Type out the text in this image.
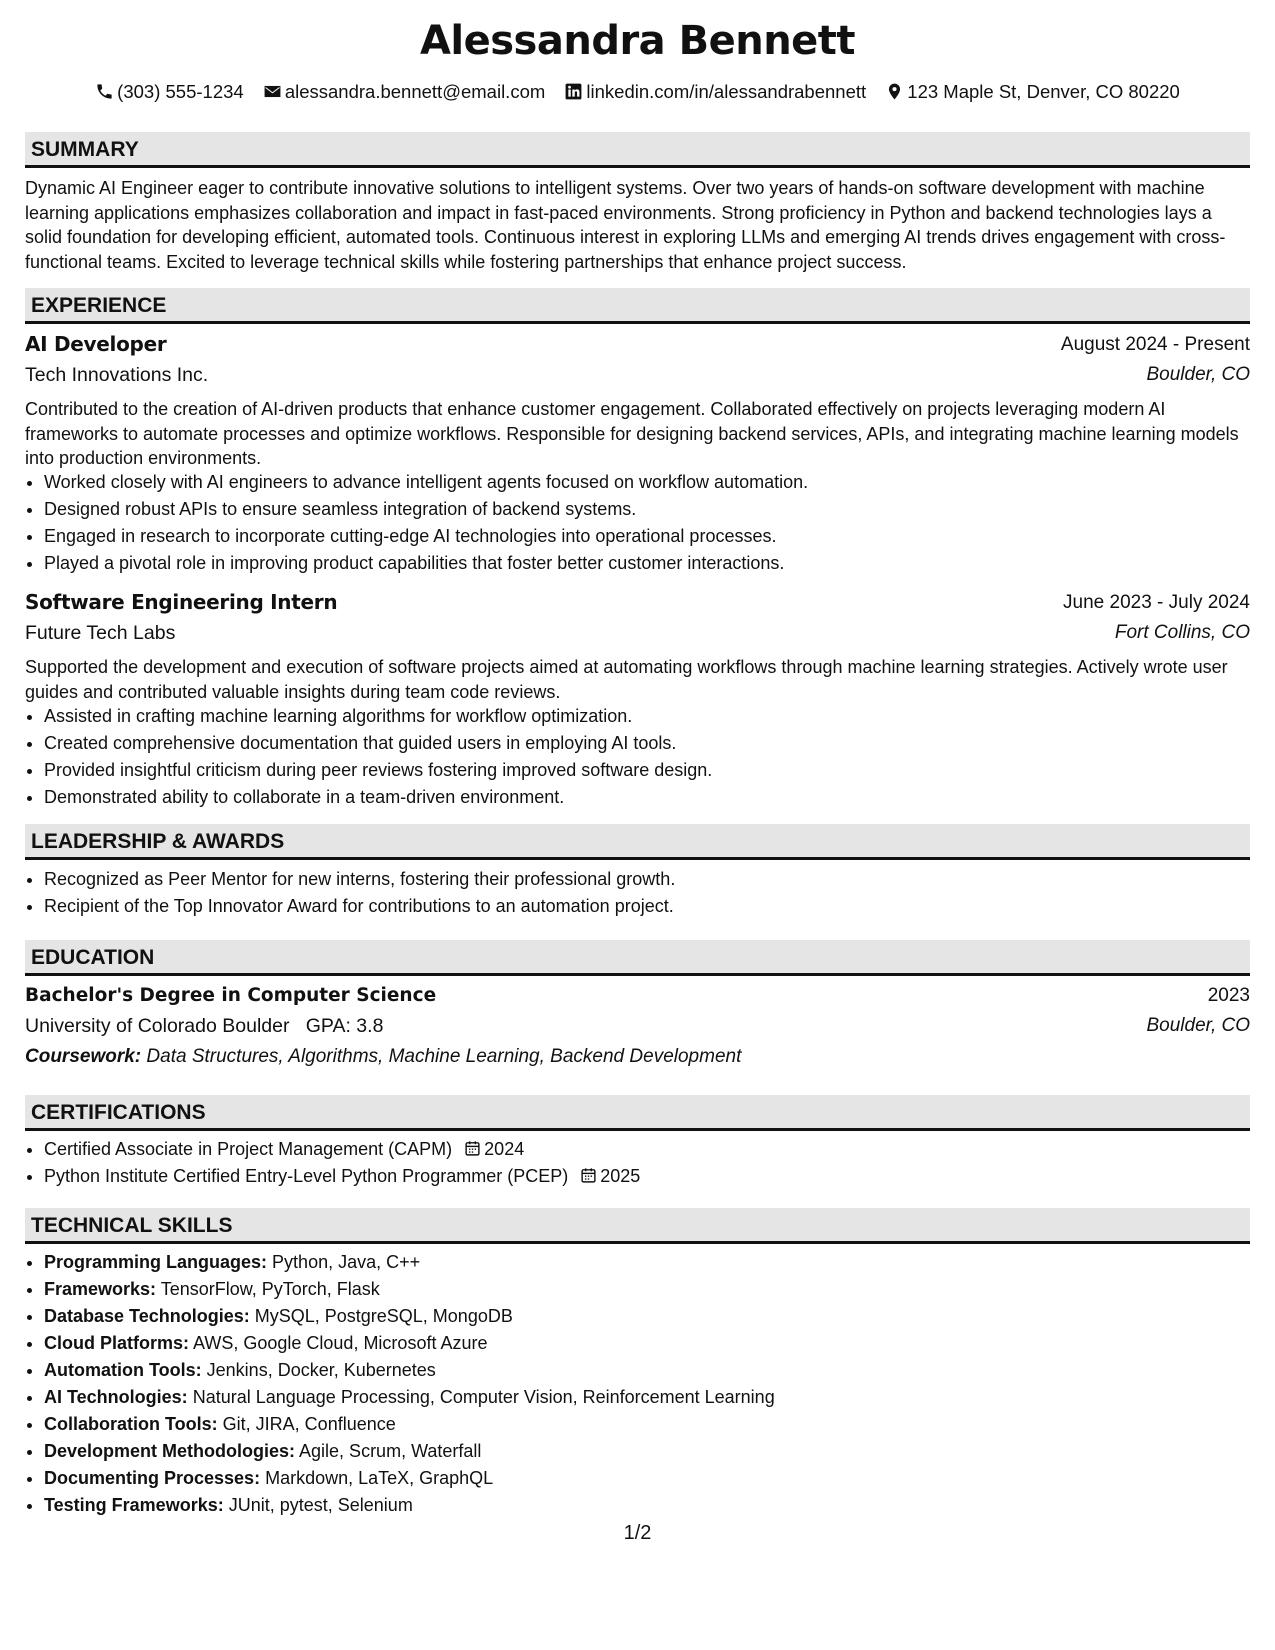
Alessandra Bennett
(303) 555-1234 alessandra.bennett@email.com linkedin.com/in/alessandrabennett 123 Maple St, Denver, CO 80220
SUMMARY
Dynamic AI Engineer eager to contribute innovative solutions to intelligent systems. Over two years of hands-on software development with machine learning applications emphasizes collaboration and impact in fast-paced environments. Strong proficiency in Python and backend technologies lays a solid foundation for developing efficient, automated tools. Continuous interest in exploring LLMs and emerging AI trends drives engagement with cross-functional teams. Excited to leverage technical skills while fostering partnerships that enhance project success.
EXPERIENCE
AI Developer	August 2024 - Present
Tech Innovations Inc.	Boulder, CO
Contributed to the creation of AI-driven products that enhance customer engagement. Collaborated effectively on projects leveraging modern AI frameworks to automate processes and optimize workflows. Responsible for designing backend services, APIs, and integrating machine learning models into production environments.
• Worked closely with AI engineers to advance intelligent agents focused on workflow automation.
• Designed robust APIs to ensure seamless integration of backend systems.
• Engaged in research to incorporate cutting-edge AI technologies into operational processes.
• Played a pivotal role in improving product capabilities that foster better customer interactions.
Software Engineering Intern	June 2023 - July 2024
Future Tech Labs	Fort Collins, CO
Supported the development and execution of software projects aimed at automating workflows through machine learning strategies. Actively wrote user guides and contributed valuable insights during team code reviews.
• Assisted in crafting machine learning algorithms for workflow optimization.
• Created comprehensive documentation that guided users in employing AI tools.
• Provided insightful criticism during peer reviews fostering improved software design.
• Demonstrated ability to collaborate in a team-driven environment.
LEADERSHIP & AWARDS
• Recognized as Peer Mentor for new interns, fostering their professional growth.
• Recipient of the Top Innovator Award for contributions to an automation project.
EDUCATION
Bachelor's Degree in Computer Science	2023
University of Colorado Boulder GPA: 3.8	Boulder, CO
Coursework: Data Structures, Algorithms, Machine Learning, Backend Development
CERTIFICATIONS
• Certified Associate in Project Management (CAPM) 2024
• Python Institute Certified Entry-Level Python Programmer (PCEP) 2025
TECHNICAL SKILLS
• Programming Languages: Python, Java, C++
• Frameworks: TensorFlow, PyTorch, Flask
• Database Technologies: MySQL, PostgreSQL, MongoDB
• Cloud Platforms: AWS, Google Cloud, Microsoft Azure
• Automation Tools: Jenkins, Docker, Kubernetes
• AI Technologies: Natural Language Processing, Computer Vision, Reinforcement Learning
• Collaboration Tools: Git, JIRA, Confluence
• Development Methodologies: Agile, Scrum, Waterfall
• Documenting Processes: Markdown, LaTeX, GraphQL
• Testing Frameworks: JUnit, pytest, Selenium
1/2
